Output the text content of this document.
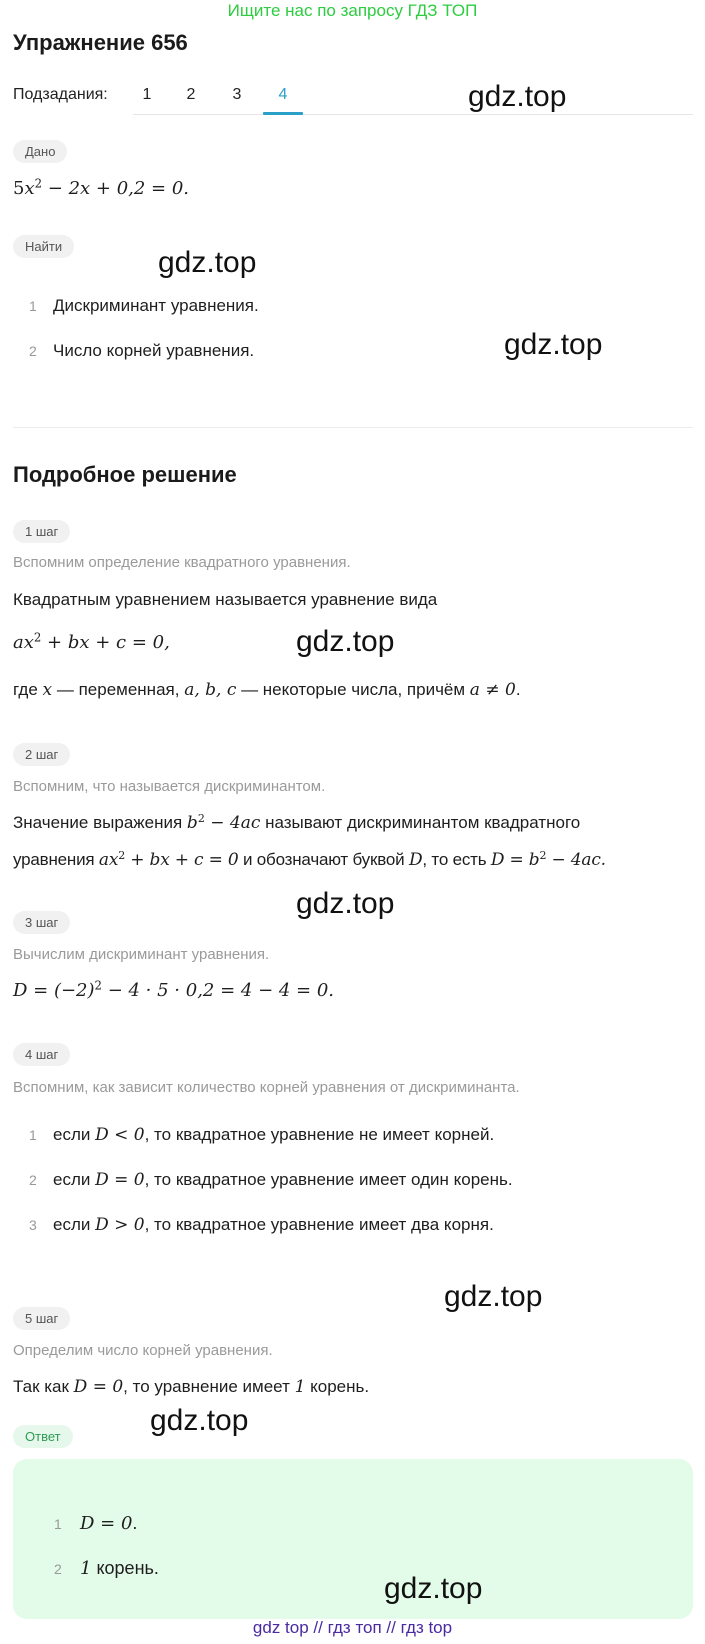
Ищите нас по запросу ГДЗ ТОП
Упражнение 656
Подзадания:	1	2	3	4
Дано
$5x^2 - 2x + 0,2 = 0$.
Найти
1 Дискриминант уравнения.
2 Число корней уравнения.
Подробное решение
1 шаг
Вспомним определение квадратного уравнения.
Квадратным уравнением называется уравнение вида
$ax^2$ + bx + c = 0,
где x — переменная, a, b, c — некоторые числа, причём a ≠ 0.
2 шаг
Вспомним, что называется дискриминантом.
Значение выражения $b^2 - 4ac$ называют дискриминантом квадратного
уравнения $ax^2$ + bx + c = 0 и обозначают буквой D, то есть $D = b^2 - 4ac$.
3 шаг
Вычислим дискриминант уравнения.
$D = (-2)^2 - 4 \cdot 5 \cdot 0,2 = 4 - 4 = 0$.
4 шаг
Вспомним, как зависит количество корней уравнения от дискриминанта.
1 если D < 0, то квадратное уравнение не имеет корней.
2 если D = 0, то квадратное уравнение имеет один корень.
3 если D > 0, то квадратное уравнение имеет два корня.
5 шаг
Определим число корней уравнения.
Так как D = 0, то уравнение имеет 1 корень.
Ответ
1 D = 0.
2 1 корень.
gdz.top
gdz.top
gdz.top
gdz.top
gdz.top
gdz.top
gdz.top
gdz.top
gdz top // гдз топ // гдз top
